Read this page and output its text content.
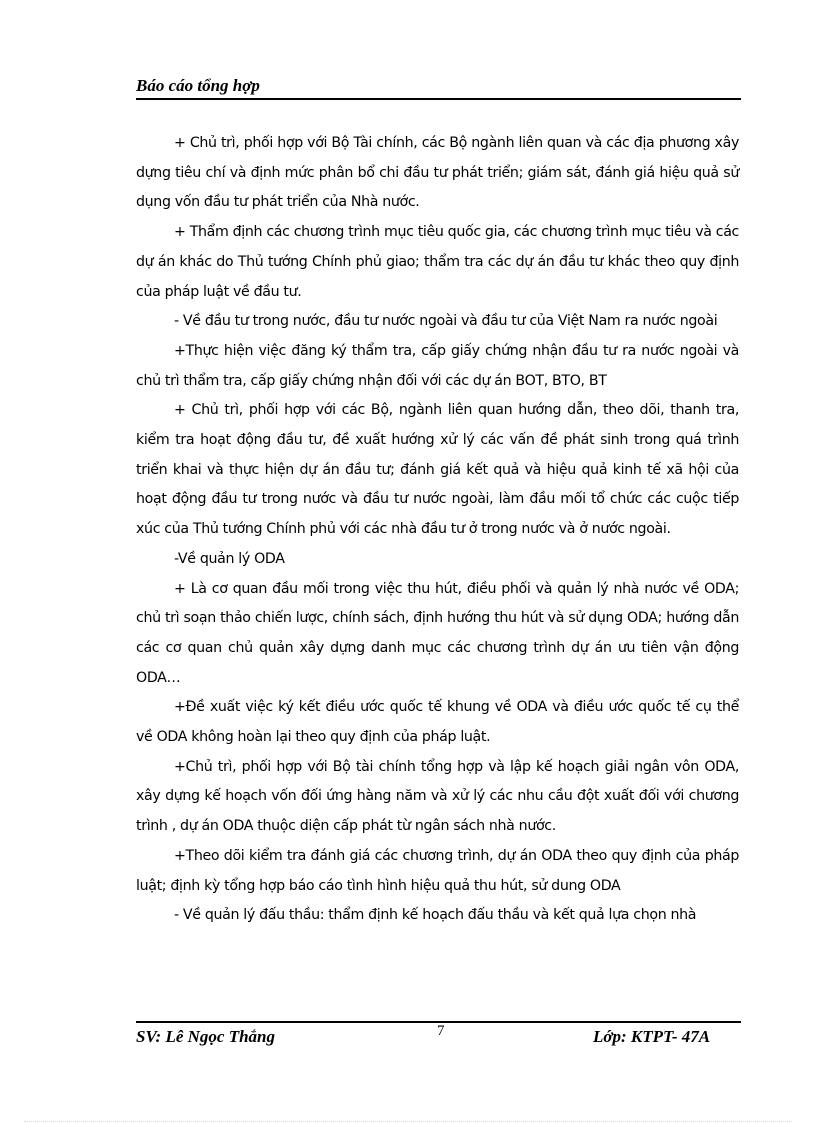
Báo cáo tổng hợp

+ Chủ trì, phối hợp với Bộ Tài chính, các Bộ ngành liên quan và các địa phương xây dựng tiêu chí và định mức phân bổ chi đầu tư phát triển; giám sát, đánh giá hiệu quả sử dụng vốn đầu tư phát triển của Nhà nước.

+ Thẩm định các chương trình mục tiêu quốc gia, các chương trình mục tiêu và các dự án khác do Thủ tướng Chính phủ giao; thẩm tra các dự án đầu tư khác theo quy định của pháp luật về đầu tư.

- Về đầu tư trong nước, đầu tư nước ngoài và đầu tư của Việt Nam ra nước ngoài

+Thực hiện việc đăng ký thẩm tra, cấp giấy chứng nhận đầu tư ra nước ngoài và chủ trì thẩm tra, cấp giấy chứng nhận đối với các dự án BOT, BTO, BT

+ Chủ trì, phối hợp với các Bộ, ngành liên quan hướng dẫn, theo dõi, thanh tra, kiểm tra hoạt động đầu tư, đề xuất hướng xử lý các vấn đề phát sinh trong quá trình triển khai và thực hiện dự án đầu tư; đánh giá kết quả và hiệu quả kinh tế xã hội của hoạt động đầu tư trong nước và đầu tư nước ngoài, làm đầu mối tổ chức các cuộc tiếp xúc của Thủ tướng Chính phủ với các nhà đầu tư ở trong nước và ở nước ngoài.

-Về quản lý ODA

+ Là cơ quan đầu mối trong việc thu hút, điều phối và quản lý nhà nước về ODA; chủ trì soạn thảo chiến lược, chính sách, định hướng thu hút và sử dụng ODA; hướng dẫn các cơ quan chủ quản xây dựng danh mục các chương trình dự án ưu tiên vận động ODA…

+Đề xuất việc ký kết điều ước quốc tế khung về ODA và điều ước quốc tế cụ thể về ODA không hoàn lại theo quy định của pháp luật.

+Chủ trì, phối hợp với Bộ tài chính tổng hợp và lập kế hoạch giải ngân vôn ODA, xây dựng kế hoạch vốn đối ứng hàng năm và xử lý các nhu cầu đột xuất đối với chương trình , dự án ODA thuộc diện cấp phát từ ngân sách nhà nước.

+Theo dõi kiểm tra đánh giá các chương trình, dự án ODA theo quy định của pháp luật; định kỳ tổng hợp báo cáo tình hình hiệu quả thu hút, sử dung ODA

- Về quản lý đấu thầu: thẩm định kế hoạch đấu thầu và kết quả lựa chọn nhà

SV: Lê Ngọc Thắng	7	Lớp: KTPT- 47A
